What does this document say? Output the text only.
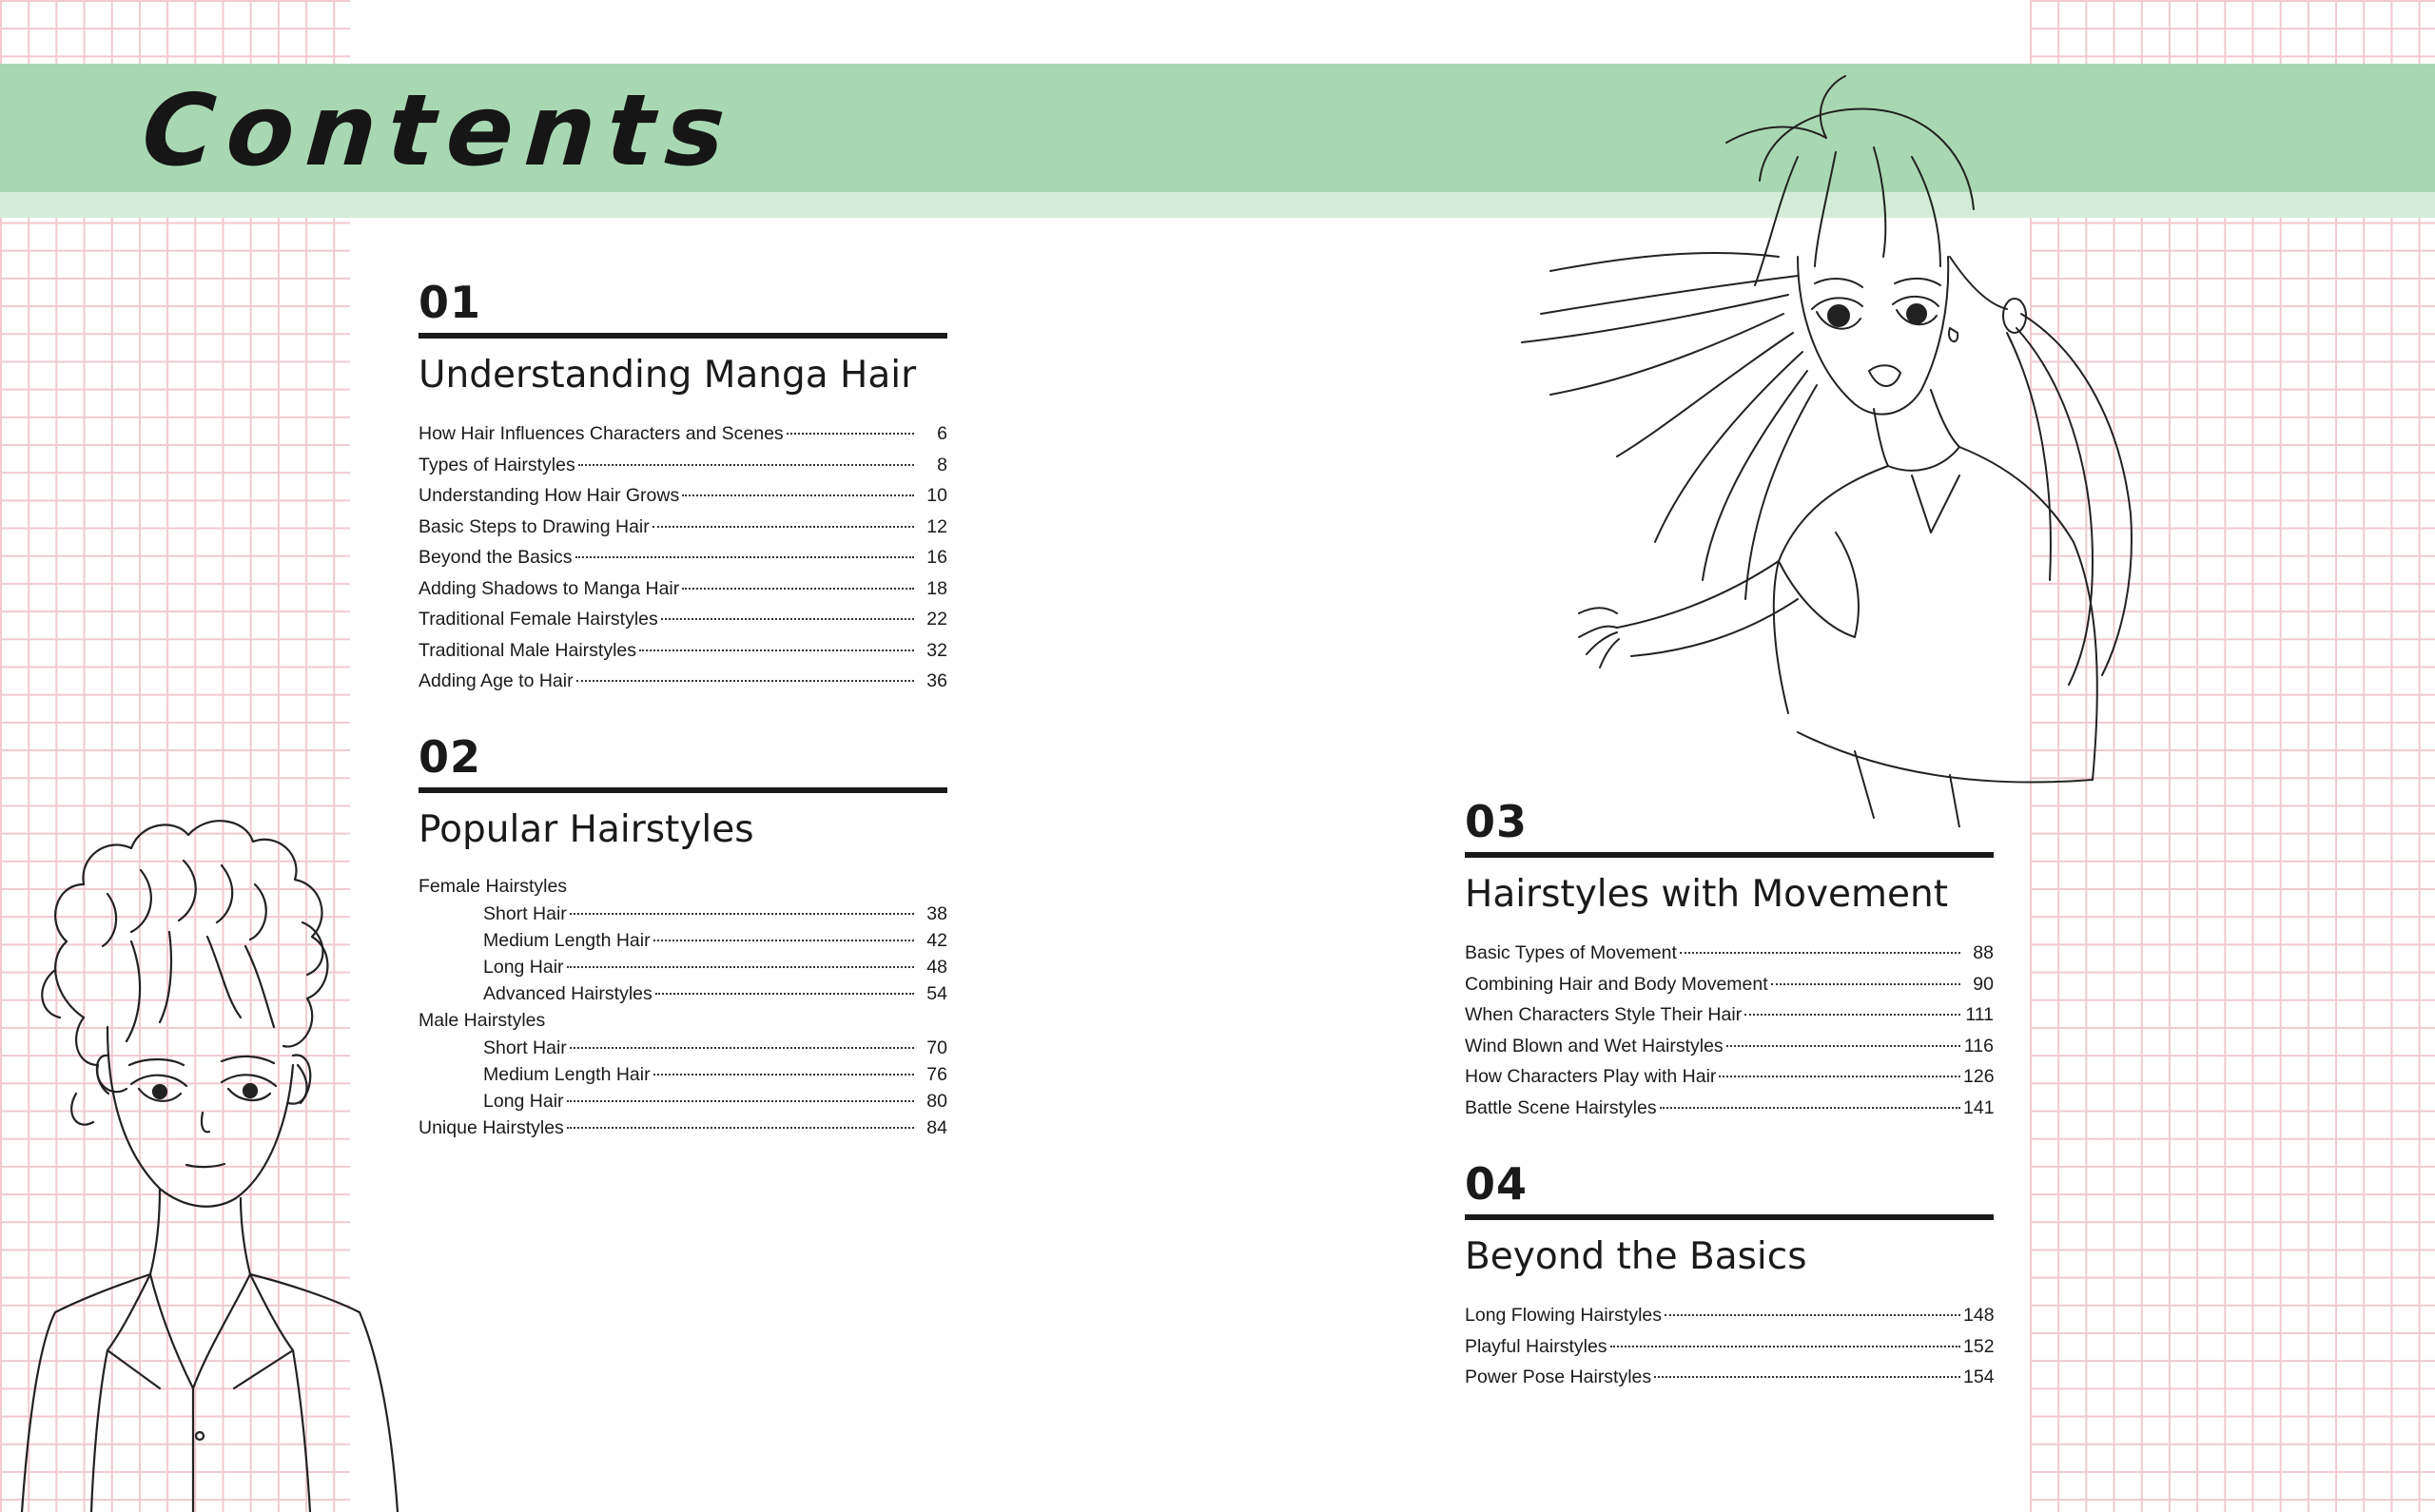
Contents
01
Understanding Manga Hair
How Hair Influences Characters and Scenes	6
Types of Hairstyles	8
Understanding How Hair Grows	10
Basic Steps to Drawing Hair	12
Beyond the Basics	16
Adding Shadows to Manga Hair	18
Traditional Female Hairstyles	22
Traditional Male Hairstyles	32
Adding Age to Hair	36
02
Popular Hairstyles
Female Hairstyles
Short Hair	38
Medium Length Hair	42
Long Hair	48
Advanced Hairstyles	54
Male Hairstyles
Short Hair	70
Medium Length Hair	76
Long Hair	80
Unique Hairstyles	84
03
Hairstyles with Movement
Basic Types of Movement	88
Combining Hair and Body Movement	90
When Characters Style Their Hair	111
Wind Blown and Wet Hairstyles	116
How Characters Play with Hair	126
Battle Scene Hairstyles	141
04
Beyond the Basics
Long Flowing Hairstyles	148
Playful Hairstyles	152
Power Pose Hairstyles	154
